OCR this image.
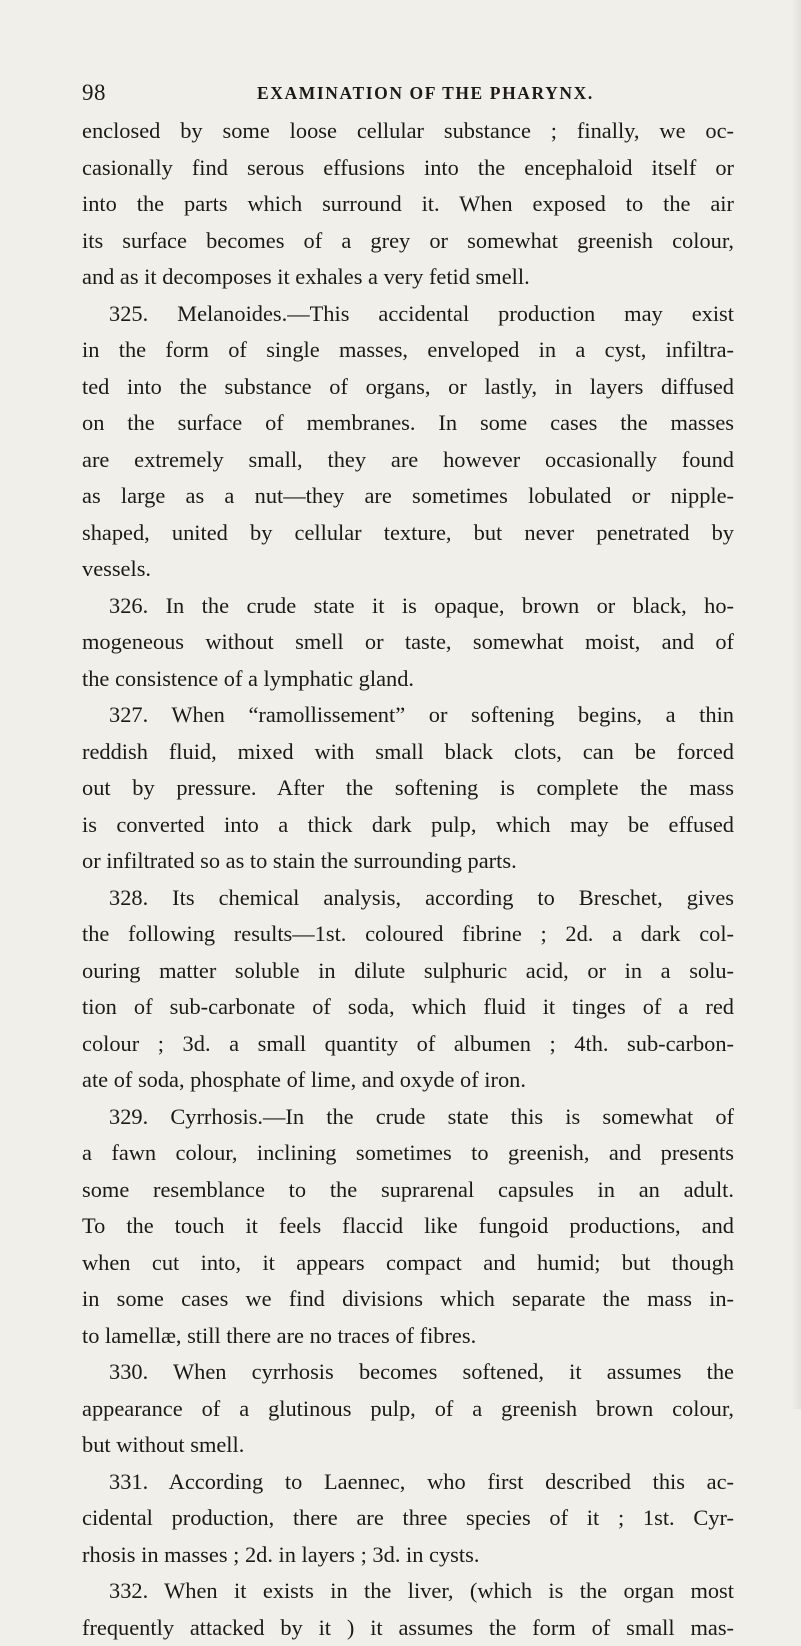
98	EXAMINATION OF THE PHARYNX.
enclosed by some loose cellular substance ; finally, we oc-
casionally find serous effusions into the encephaloid itself or
into the parts which surround it. When exposed to the air
its surface becomes of a grey or somewhat greenish colour,
and as it decomposes it exhales a very fetid smell.
325. Melanoides.—This accidental production may exist
in the form of single masses, enveloped in a cyst, infiltra-
ted into the substance of organs, or lastly, in layers diffused
on the surface of membranes. In some cases the masses
are extremely small, they are however occasionally found
as large as a nut—they are sometimes lobulated or nipple-
shaped, united by cellular texture, but never penetrated by
vessels.
326. In the crude state it is opaque, brown or black, ho-
mogeneous without smell or taste, somewhat moist, and of
the consistence of a lymphatic gland.
327. When “ramollissement” or softening begins, a thin
reddish fluid, mixed with small black clots, can be forced
out by pressure. After the softening is complete the mass
is converted into a thick dark pulp, which may be effused
or infiltrated so as to stain the surrounding parts.
328. Its chemical analysis, according to Breschet, gives
the following results—1st. coloured fibrine ; 2d. a dark col-
ouring matter soluble in dilute sulphuric acid, or in a solu-
tion of sub-carbonate of soda, which fluid it tinges of a red
colour ; 3d. a small quantity of albumen ; 4th. sub-carbon-
ate of soda, phosphate of lime, and oxyde of iron.
329. Cyrrhosis.—In the crude state this is somewhat of
a fawn colour, inclining sometimes to greenish, and presents
some resemblance to the suprarenal capsules in an adult.
To the touch it feels flaccid like fungoid productions, and
when cut into, it appears compact and humid; but though
in some cases we find divisions which separate the mass in-
to lamellæ, still there are no traces of fibres.
330. When cyrrhosis becomes softened, it assumes the
appearance of a glutinous pulp, of a greenish brown colour,
but without smell.
331. According to Laennec, who first described this ac-
cidental production, there are three species of it ; 1st. Cyr-
rhosis in masses ; 2d. in layers ; 3d. in cysts.
332. When it exists in the liver, (which is the organ most
frequently attacked by it ) it assumes the form of small mas-
